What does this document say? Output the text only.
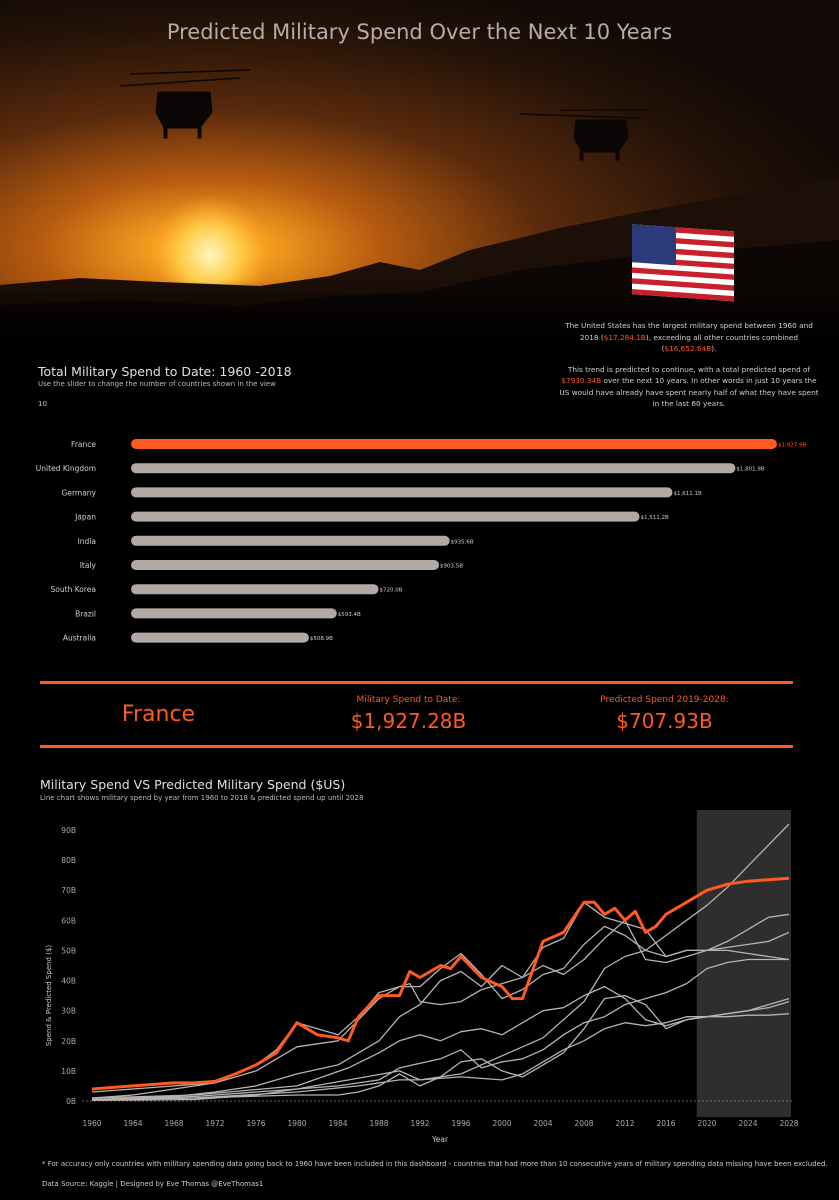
Predicted Military Spend Over the Next 10 Years

The United States has the largest military spend between 1960 and 2018 ($17,284.1B), exceeding all other countries combined ($16,652.64B).

This trend is predicted to continue, with a total predicted spend of $7930.34B over the next 10 years. In other words in just 10 years the US would have already have spent nearly half of what they have spent in the last 60 years.

Total Military Spend to Date: 1960 -2018
Use the slider to change the number of countries shown in the view
10
France	$1,927.9B
United Kingdom	$1,801.9B
Germany	$1,611.1B
Japan	$1,511.2B
India	$935.6B
Italy	$903.5B
South Korea	$720.0B
Brazil	$593.4B
Australia	$508.9B
France
Military Spend to Date:
$1,927.28B
Predicted Spend 2019-2028:
$707.93B
Military Spend VS Predicted Military Spend ($US)
Line chart shows military spend by year from 1960 to 2018 & predicted spend up until 2028
0B
10B
20B
30B
40B
50B
60B
70B
80B
90B
1960	1964	1968	1972	1976	1980	1984	1988	1992	1996	2000	2004	2008	2012	2016	2020	2024	2028
Year
Spend & Predicted Spend ($)
* For accuracy only countries with military spending data going back to 1960 have been included in this dashboard - countries that had more than 10 consecutive years of military spending data missing have been excluded.
Data Source: Kaggle | Designed by Eve Thomas @EveThomas1
